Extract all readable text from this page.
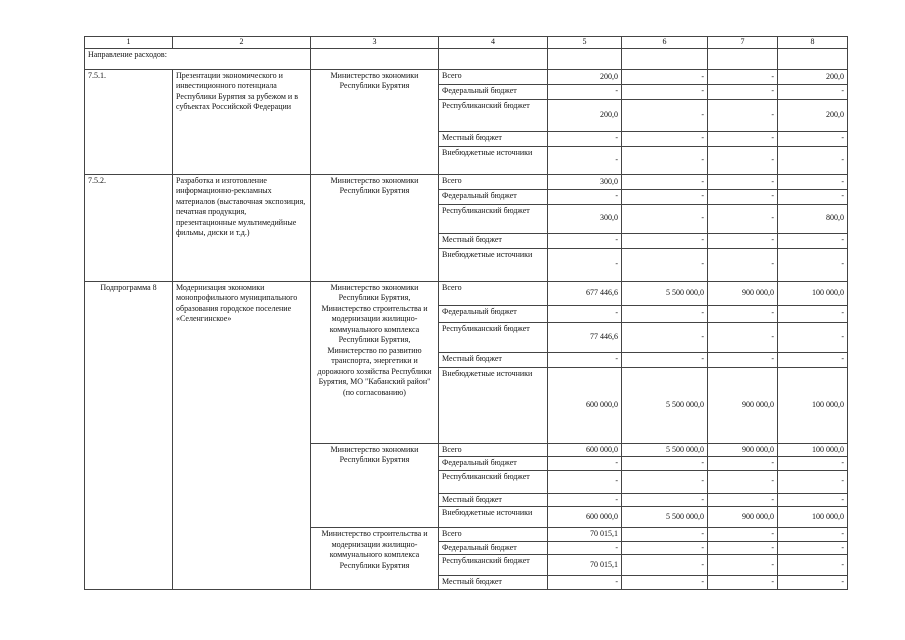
1	2	3	4	5	6	7	8
Направление расходов:							
7.5.1.	Презентации экономического и инвестиционного потенциала Республики Бурятия за рубежом и в субъектах Российской Федерации	Министерство экономики Республики Бурятия	Всего	200,0	-	-	200,0
			Федеральный бюджет	-	-	-	-
			Республиканский бюджет	200,0	-	-	200,0
			Местный бюджет	-	-	-	-
			Внебюджетные источники	-	-	-	-
7.5.2.	Разработка и изготовление информационно-рекламных материалов (выставочная экспозиция, печатная продукция, презентационные мультимедийные фильмы, диски и т.д.)	Министерство экономики Республики Бурятия	Всего	300,0	-	-	-
			Федеральный бюджет	-	-	-	-
			Республиканский бюджет	300,0	-	-	800,0
			Местный бюджет	-	-	-	-
			Внебюджетные источники	-	-	-	-
Подпрограмма 8	Модернизация экономики монопрофильного муниципального образования городское поселение «Селенгинское»	Министерство экономики Республики Бурятия, Министерство строительства и модернизации жилищно-коммунального комплекса Республики Бурятия, Министерство по развитию транспорта, энергетики и дорожного хозяйства Республики Бурятия, МО "Кабанский район" (по согласованию)	Всего	677 446,6	5 500 000,0	900 000,0	100 000,0
			Федеральный бюджет	-	-	-	-
			Республиканский бюджет	77 446,6	-	-	-
			Местный бюджет	-	-	-	-
			Внебюджетные источники	600 000,0	5 500 000,0	900 000,0	100 000,0
		Министерство экономики Республики Бурятия	Всего	600 000,0	5 500 000,0	900 000,0	100 000,0
			Федеральный бюджет	-	-	-	-
			Республиканский бюджет	-	-	-	-
			Местный бюджет	-	-	-	-
			Внебюджетные источники	600 000,0	5 500 000,0	900 000,0	100 000,0
		Министерство строительства и модернизации жилищно-коммунального комплекса Республики Бурятия	Всего	70 015,1	-	-	-
			Федеральный бюджет	-	-	-	-
			Республиканский бюджет	70 015,1	-	-	-
			Местный бюджет	-	-	-	-
